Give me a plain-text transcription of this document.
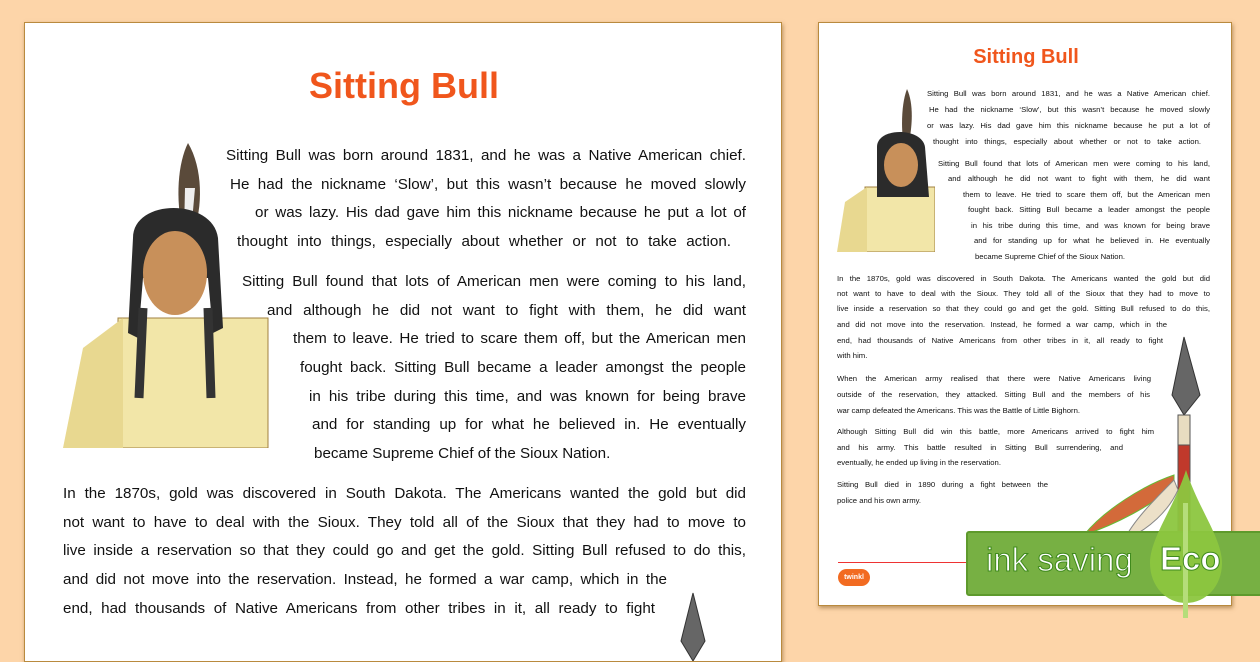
Sitting Bull
Sitting Bull was born around 1831, and he was a Native American chief.
He had the nickname ‘Slow’, but this wasn’t because he moved slowly
or was lazy. His dad gave him this nickname because he put a lot of
thought into things, especially about whether or not to take action.
Sitting Bull found that lots of American men were coming to his land,
and although he did not want to fight with them, he did want
them to leave. He tried to scare them off, but the American men
fought back. Sitting Bull became a leader amongst the people
in his tribe during this time, and was known for being brave
and for standing up for what he believed in. He eventually
became Supreme Chief of the Sioux Nation.
In the 1870s, gold was discovered in South Dakota. The Americans wanted the gold but did
not want to have to deal with the Sioux. They told all of the Sioux that they had to move to
live inside a reservation so that they could go and get the gold. Sitting Bull refused to do this,
and did not move into the reservation. Instead, he formed a war camp, which in the
end, had thousands of Native Americans from other tribes in it, all ready to fight
Sitting Bull
Sitting Bull was born around 1831, and he was a Native American chief.
He had the nickname ‘Slow’, but this wasn’t because he moved slowly
or was lazy. His dad gave him this nickname because he put a lot of
thought into things, especially about whether or not to take action.
Sitting Bull found that lots of American men were coming to his land,
and although he did not want to fight with them, he did want
them to leave. He tried to scare them off, but the American men
fought back. Sitting Bull became a leader amongst the people
in his tribe during this time, and was known for being brave
and for standing up for what he believed in. He eventually
became Supreme Chief of the Sioux Nation.
In the 1870s, gold was discovered in South Dakota. The Americans wanted the gold but did
not want to have to deal with the Sioux. They told all of the Sioux that they had to move to
live inside a reservation so that they could go and get the gold. Sitting Bull refused to do this,
and did not move into the reservation. Instead, he formed a war camp, which in the
end, had thousands of Native Americans from other tribes in it, all ready to fight
with him.
When the American army realised that there were Native Americans living
outside of the reservation, they attacked. Sitting Bull and the members of his
war camp defeated the Americans. This was the Battle of Little Bighorn.
Although Sitting Bull did win this battle, more Americans arrived to fight him
and his army. This battle resulted in Sitting Bull surrendering, and
eventually, he ended up living in the reservation.
Sitting Bull died in 1890 during a fight between the
police and his own army.
twinkl	ink saving Eco
